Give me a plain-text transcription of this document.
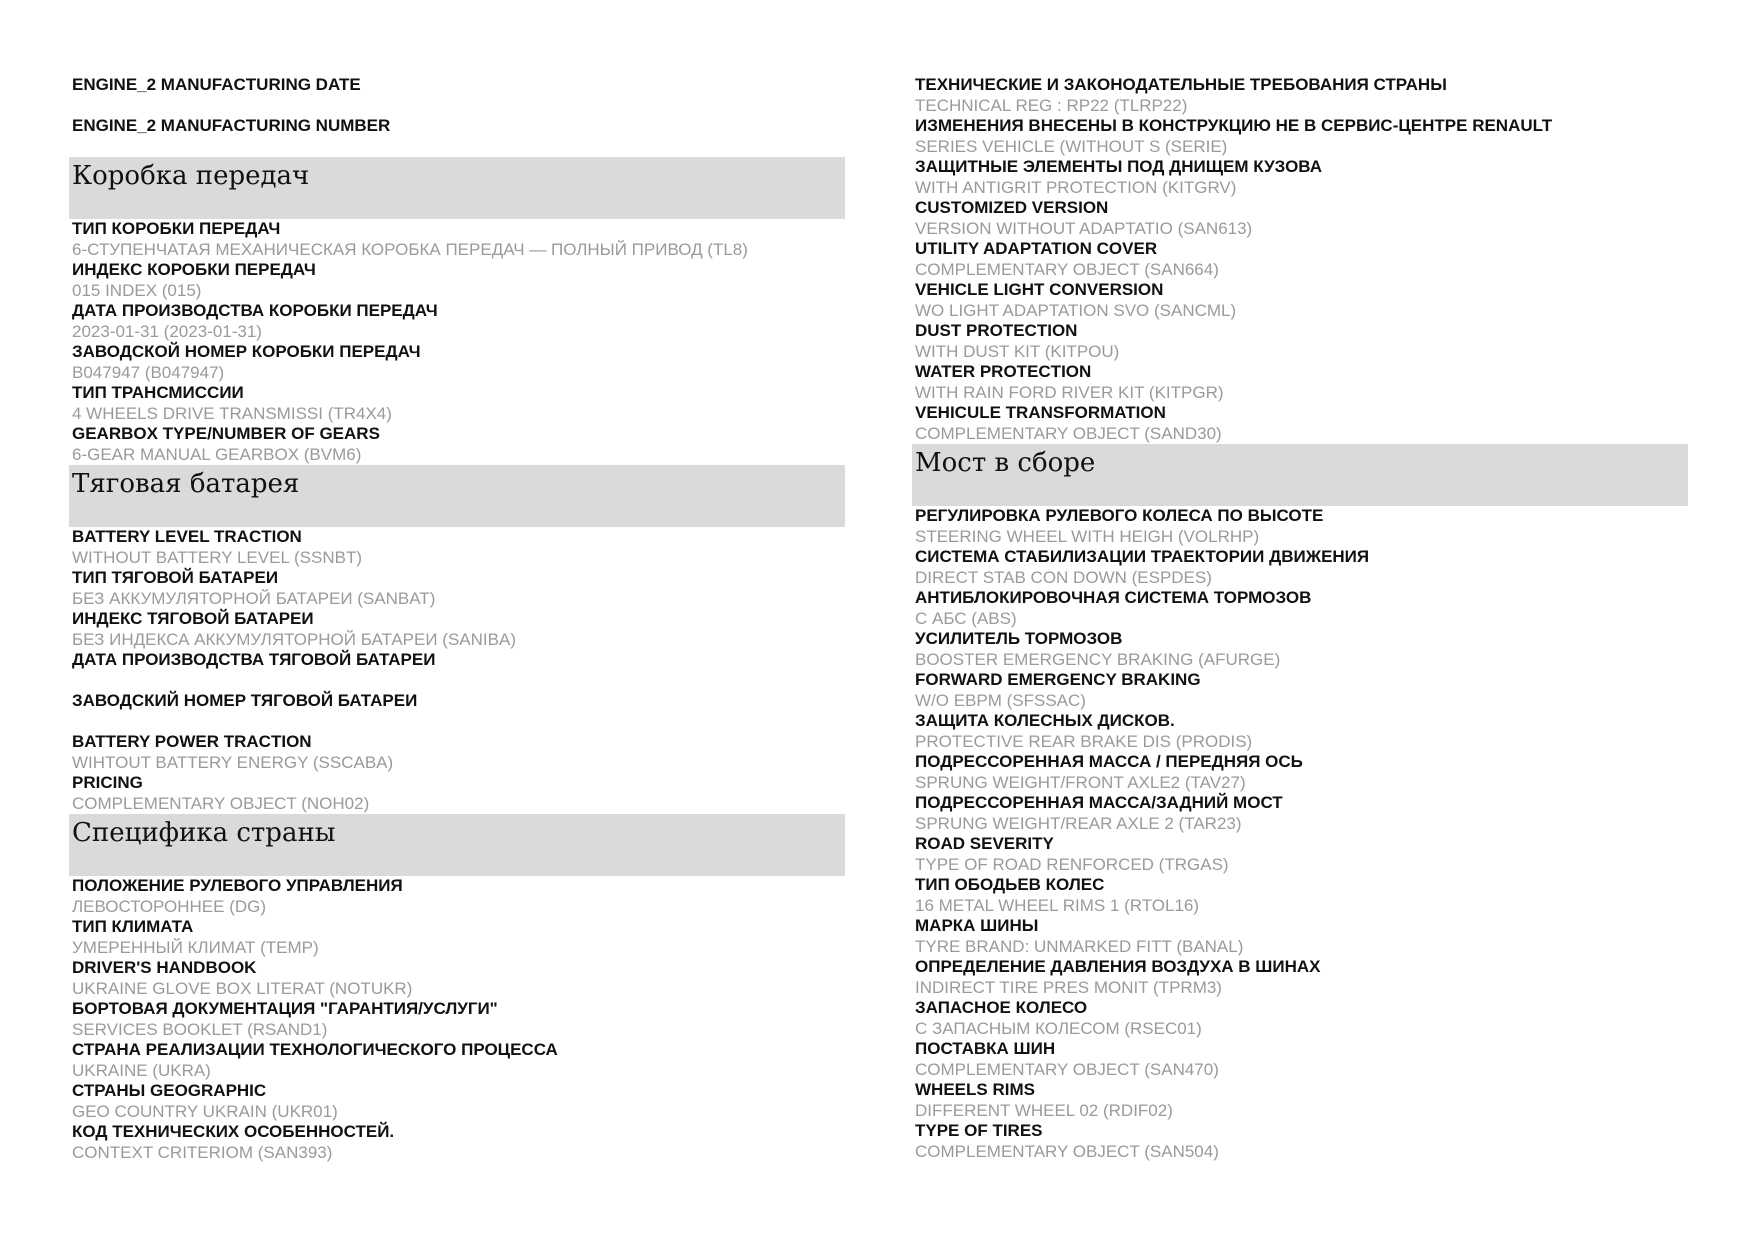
ENGINE_2 MANUFACTURING DATE
ENGINE_2 MANUFACTURING NUMBER
Коробка передач
ТИП КОРОБКИ ПЕРЕДАЧ
6-СТУПЕНЧАТАЯ МЕХАНИЧЕСКАЯ КОРОБКА ПЕРЕДАЧ — ПОЛНЫЙ ПРИВОД (TL8)
ИНДЕКС КОРОБКИ ПЕРЕДАЧ
015 INDEX (015)
ДАТА ПРОИЗВОДСТВА КОРОБКИ ПЕРЕДАЧ
2023-01-31 (2023-01-31)
ЗАВОДСКОЙ НОМЕР КОРОБКИ ПЕРЕДАЧ
B047947 (B047947)
ТИП ТРАНСМИССИИ
4 WHEELS DRIVE TRANSMISSI (TR4X4)
GEARBOX TYPE/NUMBER OF GEARS
6-GEAR MANUAL GEARBOX (BVM6)
Тяговая батарея
BATTERY LEVEL TRACTION
WITHOUT BATTERY LEVEL (SSNBT)
ТИП ТЯГОВОЙ БАТАРЕИ
БЕЗ АККУМУЛЯТОРНОЙ БАТАРЕИ (SANBAT)
ИНДЕКС ТЯГОВОЙ БАТАРЕИ
БЕЗ ИНДЕКСА АККУМУЛЯТОРНОЙ БАТАРЕИ (SANIBA)
ДАТА ПРОИЗВОДСТВА ТЯГОВОЙ БАТАРЕИ
ЗАВОДСКИЙ НОМЕР ТЯГОВОЙ БАТАРЕИ
BATTERY POWER TRACTION
WIHTOUT BATTERY ENERGY (SSCABA)
PRICING
COMPLEMENTARY OBJECT (NOH02)
Специфика страны
ПОЛОЖЕНИЕ РУЛЕВОГО УПРАВЛЕНИЯ
ЛЕВОСТОРОННЕЕ (DG)
ТИП КЛИМАТА
УМЕРЕННЫЙ КЛИМАТ (TEMP)
DRIVER'S HANDBOOK
UKRAINE GLOVE BOX LITERAT (NOTUKR)
БОРТОВАЯ ДОКУМЕНТАЦИЯ "ГАРАНТИЯ/УСЛУГИ"
SERVICES BOOKLET (RSAND1)
СТРАНА РЕАЛИЗАЦИИ ТЕХНОЛОГИЧЕСКОГО ПРОЦЕССА
UKRAINE (UKRA)
СТРАНЫ GEOGRAPHIC
GEO COUNTRY UKRAIN (UKR01)
КОД ТЕХНИЧЕСКИХ ОСОБЕННОСТЕЙ.
CONTEXT CRITERIOM (SAN393)
ТЕХНИЧЕСКИЕ И ЗАКОНОДАТЕЛЬНЫЕ ТРЕБОВАНИЯ СТРАНЫ
TECHNICAL REG : RP22 (TLRP22)
ИЗМЕНЕНИЯ ВНЕСЕНЫ В КОНСТРУКЦИЮ НЕ В СЕРВИС-ЦЕНТРЕ RENAULT
SERIES VEHICLE (WITHOUT S (SERIE)
ЗАЩИТНЫЕ ЭЛЕМЕНТЫ ПОД ДНИЩЕМ КУЗОВА
WITH ANTIGRIT PROTECTION (KITGRV)
CUSTOMIZED VERSION
VERSION WITHOUT ADAPTATIO (SAN613)
UTILITY ADAPTATION COVER
COMPLEMENTARY OBJECT (SAN664)
VEHICLE LIGHT CONVERSION
WO LIGHT ADAPTATION SVO (SANCML)
DUST PROTECTION
WITH DUST KIT (KITPOU)
WATER PROTECTION
WITH RAIN FORD RIVER KIT (KITPGR)
VEHICULE TRANSFORMATION
COMPLEMENTARY OBJECT (SAND30)
Мост в сборе
РЕГУЛИРОВКА РУЛЕВОГО КОЛЕСА ПО ВЫСОТЕ
STEERING WHEEL WITH HEIGH (VOLRHP)
СИСТЕМА СТАБИЛИЗАЦИИ ТРАЕКТОРИИ ДВИЖЕНИЯ
DIRECT STAB CON DOWN (ESPDES)
АНТИБЛОКИРОВОЧНАЯ СИСТЕМА ТОРМОЗОВ
С АБС (ABS)
УСИЛИТЕЛЬ ТОРМОЗОВ
BOOSTER EMERGENCY BRAKING (AFURGE)
FORWARD EMERGENCY BRAKING
W/O EBPM (SFSSAC)
ЗАЩИТА КОЛЕСНЫХ ДИСКОВ.
PROTECTIVE REAR BRAKE DIS (PRODIS)
ПОДРЕССОРЕННАЯ МАССА / ПЕРЕДНЯЯ ОСЬ
SPRUNG WEIGHT/FRONT AXLE2 (TAV27)
ПОДРЕССОРЕННАЯ МАССА/ЗАДНИЙ МОСТ
SPRUNG WEIGHT/REAR AXLE 2 (TAR23)
ROAD SEVERITY
TYPE OF ROAD RENFORCED (TRGAS)
ТИП ОБОДЬЕВ КОЛЕС
16 METAL WHEEL RIMS 1 (RTOL16)
МАРКА ШИНЫ
TYRE BRAND: UNMARKED FITT (BANAL)
ОПРЕДЕЛЕНИЕ ДАВЛЕНИЯ ВОЗДУХА В ШИНАХ
INDIRECT TIRE PRES MONIT (TPRM3)
ЗАПАСНОЕ КОЛЕСО
С ЗАПАСНЫМ КОЛЕСОМ (RSEC01)
ПОСТАВКА ШИН
COMPLEMENTARY OBJECT (SAN470)
WHEELS RIMS
DIFFERENT WHEEL 02 (RDIF02)
TYPE OF TIRES
COMPLEMENTARY OBJECT (SAN504)
